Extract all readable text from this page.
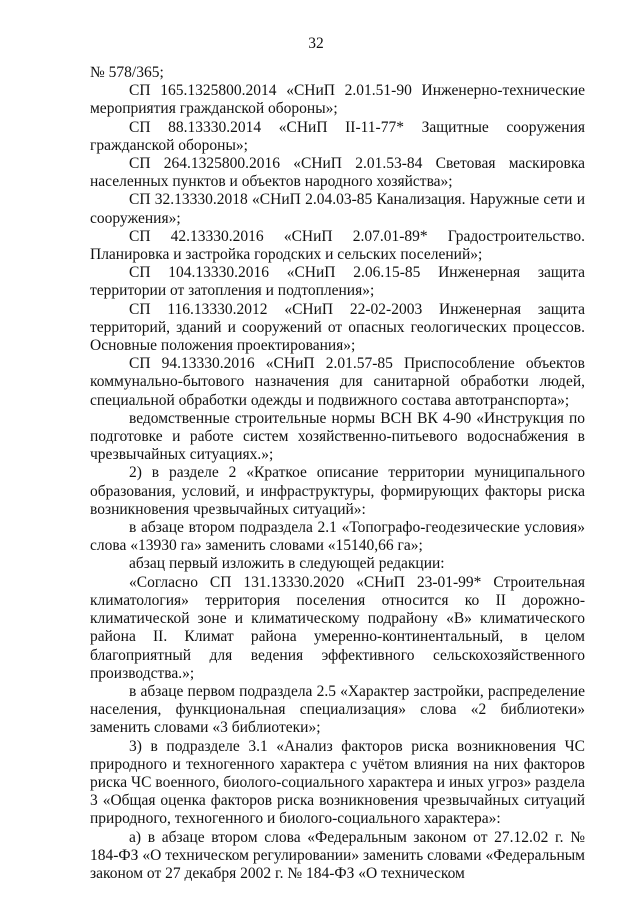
32

№ 578/365;

СП 165.1325800.2014 «СНиП 2.01.51-90 Инженерно-технические мероприятия гражданской обороны»;

СП 88.13330.2014 «СНиП II-11-77* Защитные сооружения гражданской обороны»;

СП 264.1325800.2016 «СНиП 2.01.53-84 Световая маскировка населенных пунктов и объектов народного хозяйства»;

СП 32.13330.2018 «СНиП 2.04.03-85 Канализация. Наружные сети и сооружения»;

СП 42.13330.2016 «СНиП 2.07.01-89* Градостроительство. Планировка и застройка городских и сельских поселений»;

СП 104.13330.2016 «СНиП 2.06.15-85 Инженерная защита территории от затопления и подтопления»;

СП 116.13330.2012 «СНиП 22-02-2003 Инженерная защита территорий, зданий и сооружений от опасных геологических процессов. Основные положения проектирования»;

СП 94.13330.2016 «СНиП 2.01.57-85 Приспособление объектов коммунально-бытового назначения для санитарной обработки людей, специальной обработки одежды и подвижного состава автотранспорта»;

ведомственные строительные нормы ВСН ВК 4-90 «Инструкция по подготовке и работе систем хозяйственно-питьевого водоснабжения в чрезвычайных ситуациях.»;

2) в разделе 2 «Краткое описание территории муниципального образования, условий, и инфраструктуры, формирующих факторы риска возникновения чрезвычайных ситуаций»:

в абзаце втором подраздела 2.1 «Топографо-геодезические условия» слова «13930 га» заменить словами «15140,66 га»;

абзац первый изложить в следующей редакции:

«Согласно СП 131.13330.2020 «СНиП 23-01-99* Строительная климатология» территория поселения относится ко II дорожно-климатической зоне и климатическому подрайону «В» климатического района II. Климат района умеренно-континентальный, в целом благоприятный для ведения эффективного сельскохозяйственного производства.»;

в абзаце первом подраздела 2.5 «Характер застройки, распределение населения, функциональная специализация» слова «2 библиотеки» заменить словами «3 библиотеки»;

3) в подразделе 3.1 «Анализ факторов риска возникновения ЧС природного и техногенного характера с учётом влияния на них факторов риска ЧС военного, биолого-социального характера и иных угроз» раздела 3 «Общая оценка факторов риска возникновения чрезвычайных ситуаций природного, техногенного и биолого-социального характера»:

а) в абзаце втором слова «Федеральным законом от 27.12.02 г. № 184-ФЗ «О техническом регулировании» заменить словами «Федеральным законом от 27 декабря 2002 г. № 184-ФЗ «О техническом
